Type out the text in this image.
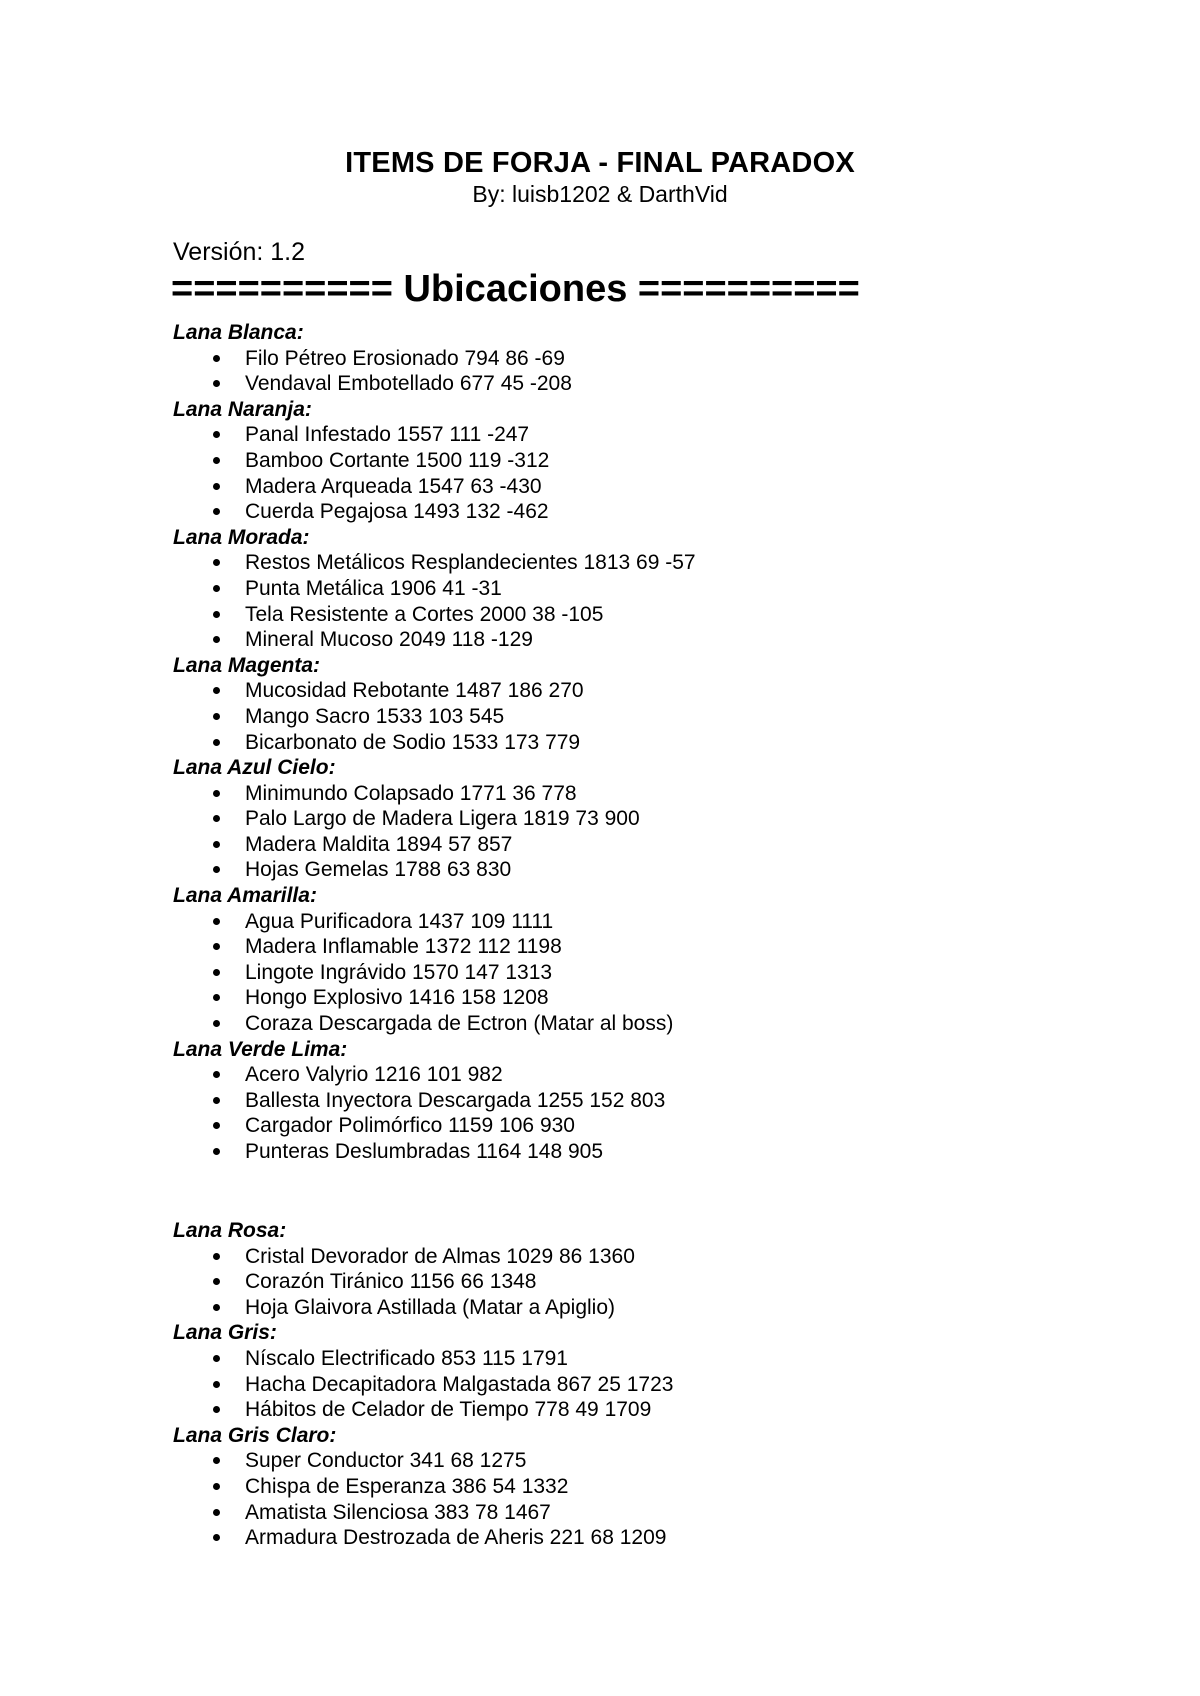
ITEMS DE FORJA - FINAL PARADOX
By: luisb1202 & DarthVid
Versión: 1.2
========== Ubicaciones ==========
Lana Blanca:
Filo Pétreo Erosionado 794 86 -69
Vendaval Embotellado 677 45 -208
Lana Naranja:
Panal Infestado 1557 111 -247
Bamboo Cortante 1500 119 -312
Madera Arqueada 1547 63 -430
Cuerda Pegajosa 1493 132 -462
Lana Morada:
Restos Metálicos Resplandecientes 1813 69 -57
Punta Metálica 1906 41 -31
Tela Resistente a Cortes 2000 38 -105
Mineral Mucoso 2049 118 -129
Lana Magenta:
Mucosidad Rebotante 1487 186 270
Mango Sacro 1533 103 545
Bicarbonato de Sodio 1533 173 779
Lana Azul Cielo:
Minimundo Colapsado 1771 36 778
Palo Largo de Madera Ligera 1819 73 900
Madera Maldita 1894 57 857
Hojas Gemelas 1788 63 830
Lana Amarilla:
Agua Purificadora 1437 109 1111
Madera Inflamable 1372 112 1198
Lingote Ingrávido 1570 147 1313
Hongo Explosivo 1416 158 1208
Coraza Descargada de Ectron (Matar al boss)
Lana Verde Lima:
Acero Valyrio 1216 101 982
Ballesta Inyectora Descargada 1255 152 803
Cargador Polimórfico 1159 106 930
Punteras Deslumbradas 1164 148 905
Lana Rosa:
Cristal Devorador de Almas 1029 86 1360
Corazón Tiránico 1156 66 1348
Hoja Glaivora Astillada (Matar a Apiglio)
Lana Gris:
Níscalo Electrificado 853 115 1791
Hacha Decapitadora Malgastada 867 25 1723
Hábitos de Celador de Tiempo 778 49 1709
Lana Gris Claro:
Super Conductor 341 68 1275
Chispa de Esperanza 386 54 1332
Amatista Silenciosa 383 78 1467
Armadura Destrozada de Aheris 221 68 1209
